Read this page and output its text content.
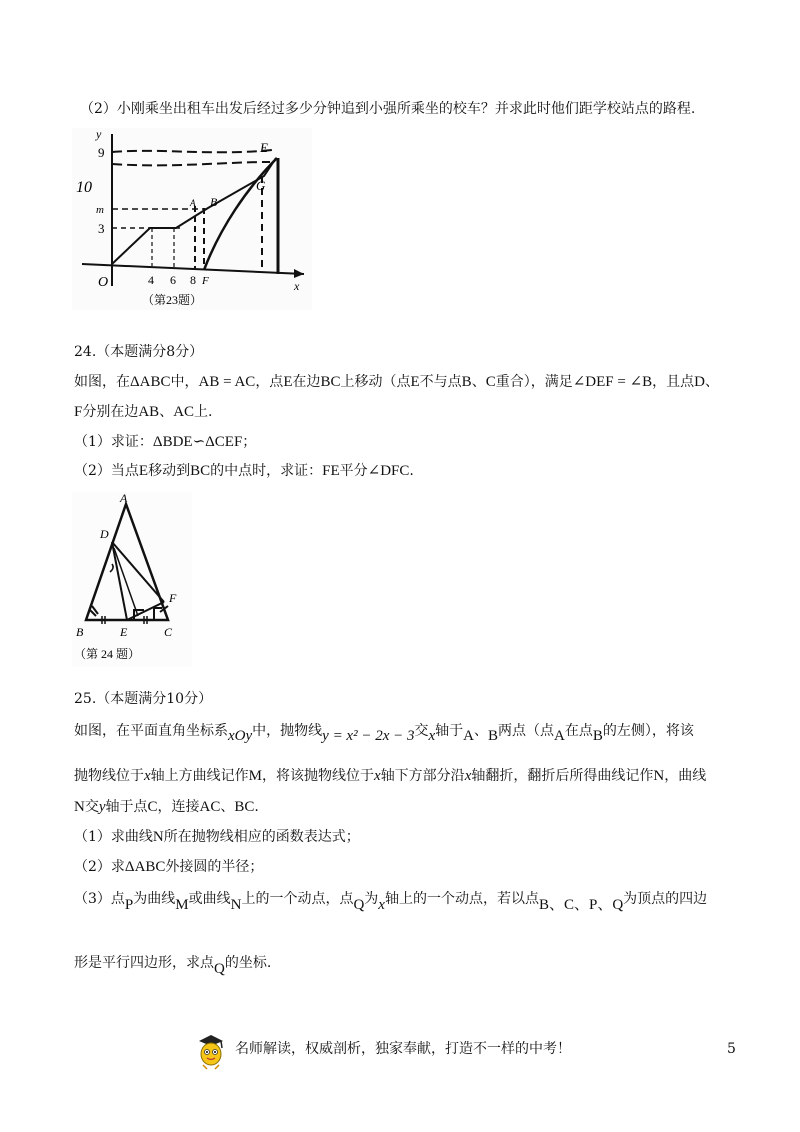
（2）小刚乘坐出租车出发后经过多少分钟追到小强所乘坐的校车？并求此时他们距学校站点的路程.
y
9
10
m
3
O	4 6 8 F
A B
E
G
x
（第23题）
24.（本题满分8分）
如图，在ΔABC中，AB = AC，点E在边BC上移动（点E不与点B、C重合），满足∠DEF = ∠B，且点D、
F分别在边AB、AC上.
（1）求证：ΔBDE∽ΔCEF；
（2）当点E移动到BC的中点时，求证：FE平分∠DFC.
A
D
F
B	E	C
（第 24 题）
25.（本题满分10分）
如图，在平面直角坐标系xOy中，抛物线y = x² − 2x − 3交x轴于A、B两点（点A在点B的左侧），将该
抛物线位于x轴上方曲线记作M，将该抛物线位于x轴下方部分沿x轴翻折，翻折后所得曲线记作N，曲线
N交y轴于点C，连接AC、BC.
（1）求曲线N所在抛物线相应的函数表达式；
（2）求ΔABC外接圆的半径；
（3）点P为曲线M或曲线N上的一个动点，点Q为x轴上的一个动点，若以点B、C、P、Q为顶点的四边
形是平行四边形，求点Q的坐标.
名师解读，权威剖析，独家奉献，打造不一样的中考！	5
